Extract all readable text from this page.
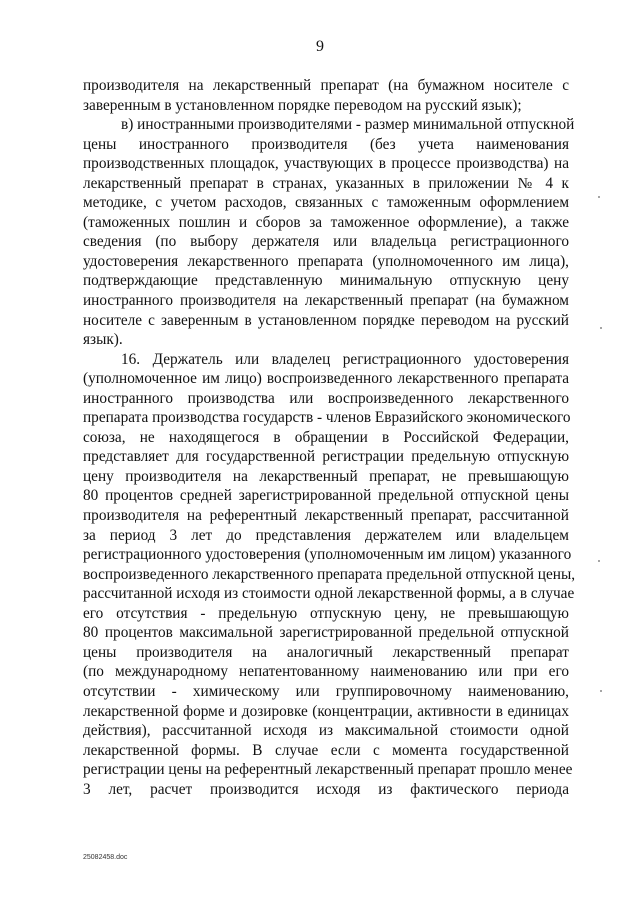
9
производителя на лекарственный препарат (на бумажном носителе с
заверенным в установленном порядке переводом на русский язык);
в) иностранными производителями - размер минимальной отпускной
цены иностранного производителя (без учета наименования
производственных площадок, участвующих в процессе производства) на
лекарственный препарат в странах, указанных в приложении № 4 к
методике, с учетом расходов, связанных с таможенным оформлением
(таможенных пошлин и сборов за таможенное оформление), а также
сведения (по выбору держателя или владельца регистрационного
удостоверения лекарственного препарата (уполномоченного им лица),
подтверждающие представленную минимальную отпускную цену
иностранного производителя на лекарственный препарат (на бумажном
носителе с заверенным в установленном порядке переводом на русский
язык).
16. Держатель или владелец регистрационного удостоверения
(уполномоченное им лицо) воспроизведенного лекарственного препарата
иностранного производства или воспроизведенного лекарственного
препарата производства государств - членов Евразийского экономического
союза, не находящегося в обращении в Российской Федерации,
представляет для государственной регистрации предельную отпускную
цену производителя на лекарственный препарат, не превышающую
80 процентов средней зарегистрированной предельной отпускной цены
производителя на референтный лекарственный препарат, рассчитанной
за период 3 лет до представления держателем или владельцем
регистрационного удостоверения (уполномоченным им лицом) указанного
воспроизведенного лекарственного препарата предельной отпускной цены,
рассчитанной исходя из стоимости одной лекарственной формы, а в случае
его отсутствия - предельную отпускную цену, не превышающую
80 процентов максимальной зарегистрированной предельной отпускной
цены производителя на аналогичный лекарственный препарат
(по международному непатентованному наименованию или при его
отсутствии - химическому или группировочному наименованию,
лекарственной форме и дозировке (концентрации, активности в единицах
действия), рассчитанной исходя из максимальной стоимости одной
лекарственной формы. В случае если с момента государственной
регистрации цены на референтный лекарственный препарат прошло менее
3 лет, расчет производится исходя из фактического периода
25082458.doc
